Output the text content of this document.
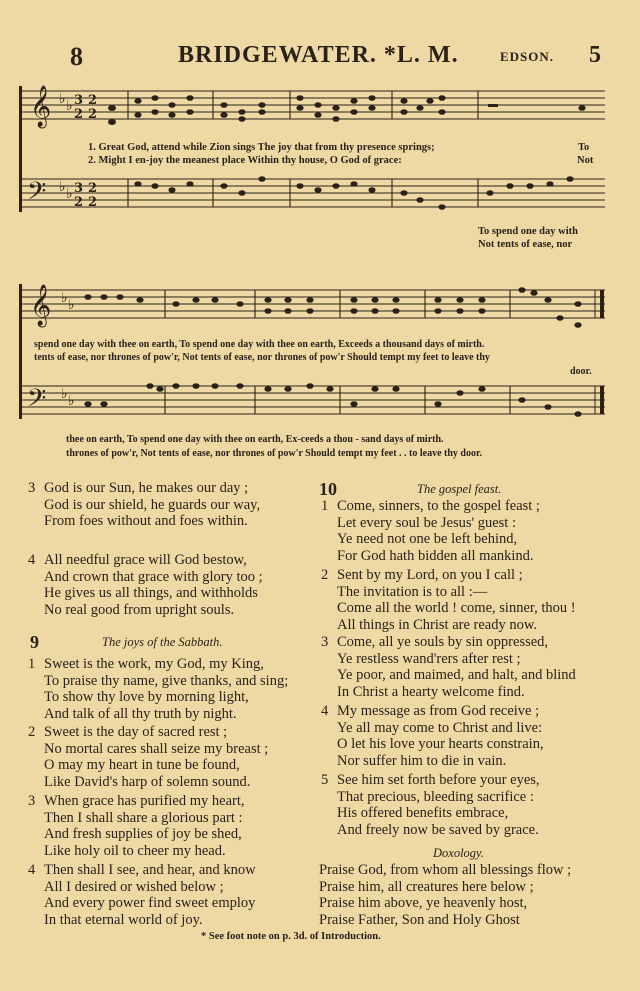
8	BRIDGEWATER. *L. M.	EDSON. 5
𝄞
𝄢
𝄞
𝄢
♭ ♭
♭ ♭
♭ ♭
♭ ♭
3
2
2
2
3
2
2
2
1. Great God, attend while Zion sings The joy that from thy presence springs;	To
2. Might I en-joy the meanest place Within thy house, O God of grace:	Not
To spend one day with
Not tents of ease, nor
spend one day with thee on earth, To spend one day with thee on earth, Exceeds a thousand days of mirth.
tents of ease, nor thrones of pow'r, Not tents of ease, nor thrones of pow'r Should tempt my feet to leave thy
door.
thee on earth, To spend one day with thee on earth, Ex-ceeds a thou - sand days of mirth.
thrones of pow'r, Not tents of ease, nor thrones of pow'r Should tempt my feet . . to leave thy door.
3 God is our Sun, he makes our day ;
God is our shield, he guards our way,
From foes without and foes within.
4 All needful grace will God bestow,
And crown that grace with glory too ;
He gives us all things, and withholds
No real good from upright souls.
9	The joys of the Sabbath.
1 Sweet is the work, my God, my King,
To praise thy name, give thanks, and sing;
To show thy love by morning light,
And talk of all thy truth by night.
2 Sweet is the day of sacred rest ;
No mortal cares shall seize my breast ;
O may my heart in tune be found,
Like David's harp of solemn sound.
3 When grace has purified my heart,
Then I shall share a glorious part :
And fresh supplies of joy be shed,
Like holy oil to cheer my head.
4 Then shall I see, and hear, and know
All I desired or wished below ;
And every power find sweet employ
In that eternal world of joy.
10	The gospel feast.
1 Come, sinners, to the gospel feast ;
Let every soul be Jesus' guest :
Ye need not one be left behind,
For God hath bidden all mankind.
2 Sent by my Lord, on you I call ;
The invitation is to all :—
Come all the world ! come, sinner, thou !
All things in Christ are ready now.
3 Come, all ye souls by sin oppressed,
Ye restless wand'rers after rest ;
Ye poor, and maimed, and halt, and blind
In Christ a hearty welcome find.
4 My message as from God receive ;
Ye all may come to Christ and live:
O let his love your hearts constrain,
Nor suffer him to die in vain.
5 See him set forth before your eyes,
That precious, bleeding sacrifice :
His offered benefits embrace,
And freely now be saved by grace.
Doxology.
Praise God, from whom all blessings flow ;
Praise him, all creatures here below ;
Praise him above, ye heavenly host,
Praise Father, Son and Holy Ghost
* See foot note on p. 3d. of Introduction.
